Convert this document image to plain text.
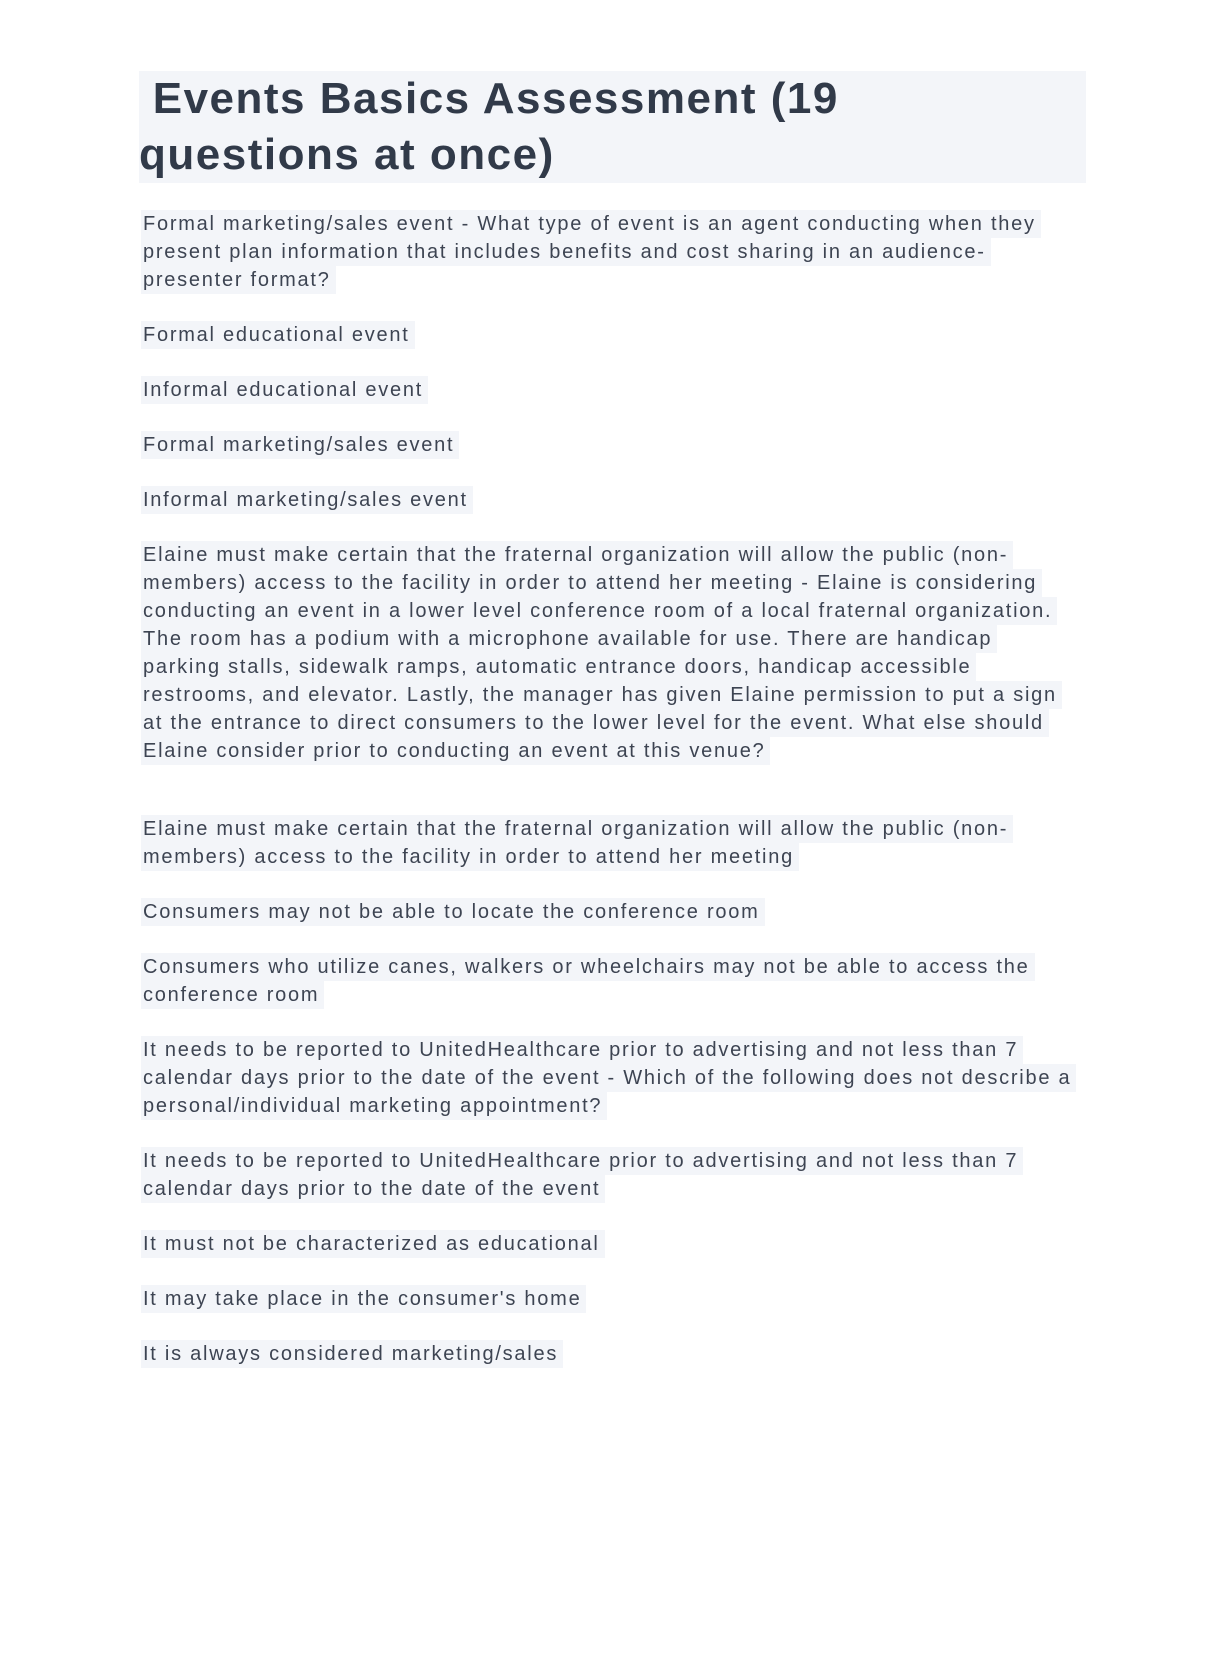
Events Basics Assessment (19 questions at once)

Formal marketing/sales event - What type of event is an agent conducting when they present plan information that includes benefits and cost sharing in an audience-presenter format?

Formal educational event

Informal educational event

Formal marketing/sales event

Informal marketing/sales event

Elaine must make certain that the fraternal organization will allow the public (non-members) access to the facility in order to attend her meeting - Elaine is considering conducting an event in a lower level conference room of a local fraternal organization. The room has a podium with a microphone available for use. There are handicap parking stalls, sidewalk ramps, automatic entrance doors, handicap accessible restrooms, and elevator. Lastly, the manager has given Elaine permission to put a sign at the entrance to direct consumers to the lower level for the event. What else should Elaine consider prior to conducting an event at this venue?

Elaine must make certain that the fraternal organization will allow the public (non-members) access to the facility in order to attend her meeting

Consumers may not be able to locate the conference room

Consumers who utilize canes, walkers or wheelchairs may not be able to access the conference room

It needs to be reported to UnitedHealthcare prior to advertising and not less than 7 calendar days prior to the date of the event - Which of the following does not describe a personal/individual marketing appointment?

It needs to be reported to UnitedHealthcare prior to advertising and not less than 7 calendar days prior to the date of the event

It must not be characterized as educational

It may take place in the consumer's home

It is always considered marketing/sales
